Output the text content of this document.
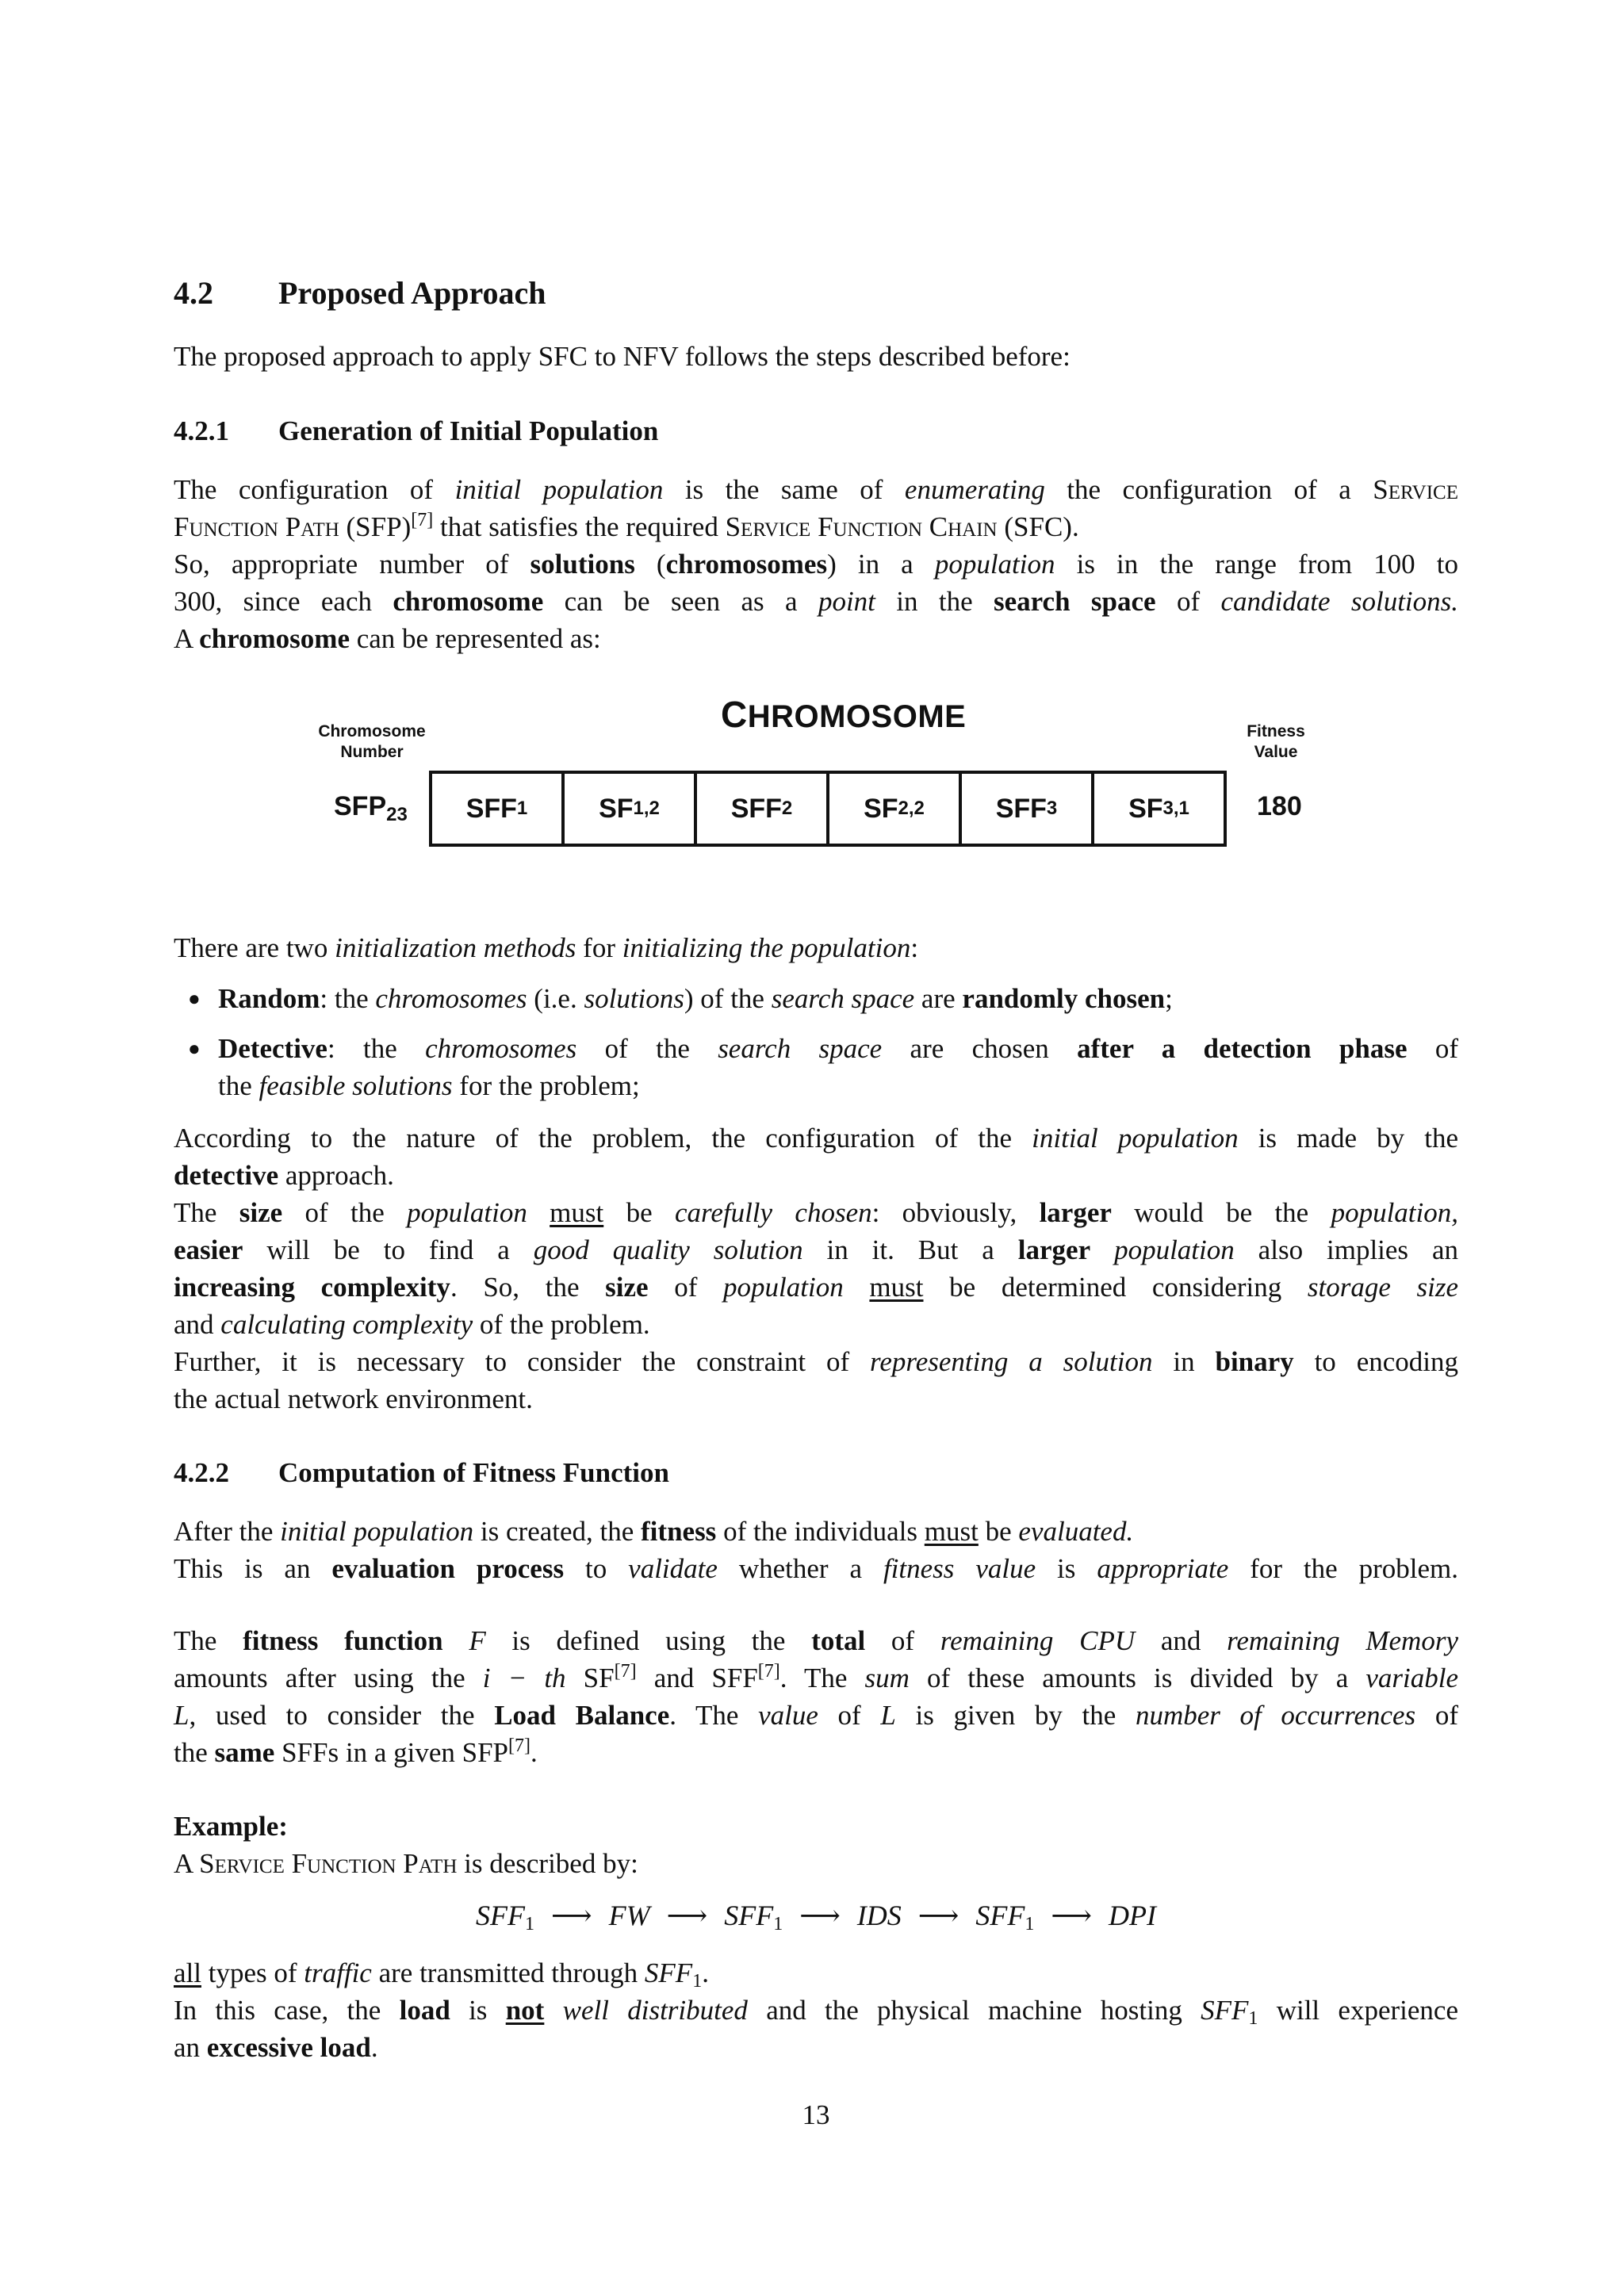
4.2 Proposed Approach
The proposed approach to apply SFC to NFV follows the steps described before:
4.2.1 Generation of Initial Population
The configuration of initial population is the same of enumerating the configuration of a Service
Function Path (SFP)[7] that satisfies the required Service Function Chain (SFC).
So, appropriate number of solutions (chromosomes) in a population is in the range from 100 to
300, since each chromosome can be seen as a point in the search space of candidate solutions.
A chromosome can be represented as:
CHROMOSOME
Chromosome
Number
Fitness
Value
$SFP_{23}$ SFF 1	SF 1,2	SFF 2	SF 2,2	SFF 3	SF 3,1	180
There are two initialization methods for initializing the population:
● Random: the chromosomes (i.e. solutions) of the search space are randomly chosen;
● Detective: the chromosomes of the search space are chosen after a detection phase of
the feasible solutions for the problem;
According to the nature of the problem, the configuration of the initial population is made by the
detective approach.
The size of the population must be carefully chosen: obviously, larger would be the population,
easier will be to find a good quality solution in it. But a larger population also implies an
increasing complexity. So, the size of population must be determined considering storage size
and calculating complexity of the problem.
Further, it is necessary to consider the constraint of representing a solution in binary to encoding
the actual network environment.
4.2.2 Computation of Fitness Function
After the initial population is created, the fitness of the individuals must be evaluated.
This is an evaluation process to validate whether a fitness value is appropriate for the problem.
The fitness function F is defined using the total of remaining CPU and remaining Memory
amounts after using the i − th SF[7] and SFF[7]. The sum of these amounts is divided by a variable
L, used to consider the Load Balance. The value of L is given by the number of occurrences of
the same SFFs in a given SFP[7].
Example:
A Service Function Path is described by:
$SFF_1$ ⟶ FW ⟶ $SFF_1$ ⟶ IDS ⟶ $SFF_1$ ⟶ DPI
all types of traffic are transmitted through $SFF_1$.
In this case, the load is not well distributed and the physical machine hosting $SFF_1$ will experience
an excessive load.
13
